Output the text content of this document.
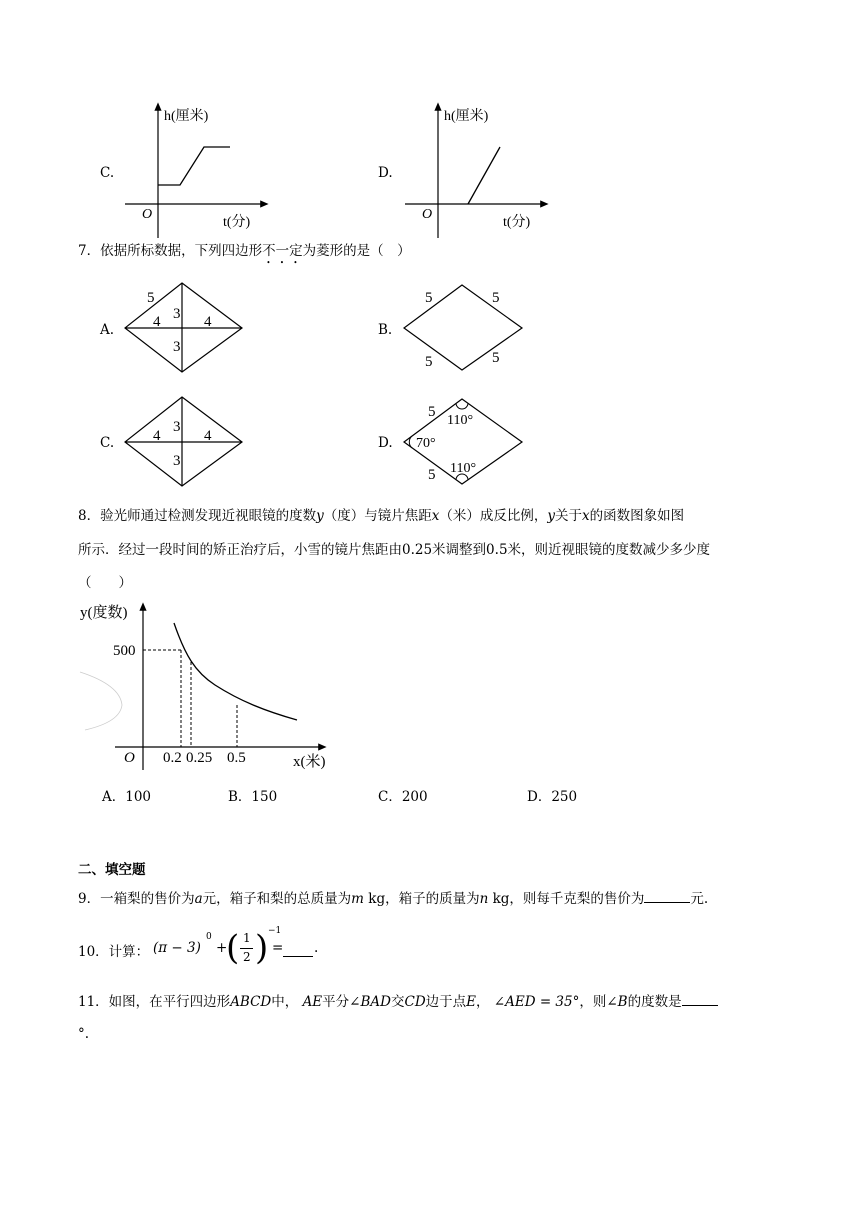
C.
h(厘米)
O
t(分)
D.
h(厘米)
O
t(分)
7．依据所标数据，下列四边形不一定为菱形的是（　）
A.
5
3
4	4
3
B.
5	5
5	5
C.
3
4	4
3
D.
5
110°
70°
5 110°
8．验光师通过检测发现近视眼镜的度数y（度）与镜片焦距x（米）成反比例，y关于x的函数图象如图
所示．经过一段时间的矫正治疗后，小雪的镜片焦距由0.25米调整到0.5米，则近视眼镜的度数减少多少度
（　　）
y(度数)
500
O 0.2 0.25 0.5	x(米)
A．100	B．150	C．200	D．250
二、填空题
9．一箱梨的售价为a元，箱子和梨的总质量为m kg，箱子的质量为n kg，则每千克梨的售价为	元.
10．计算： (π − 3)
0
+
( 1
2 ) −1
= .
11．如图，在平行四边形ABCD中， AE平分∠BAD交CD边于点E， ∠AED = 35°，则∠B的度数是
°.
